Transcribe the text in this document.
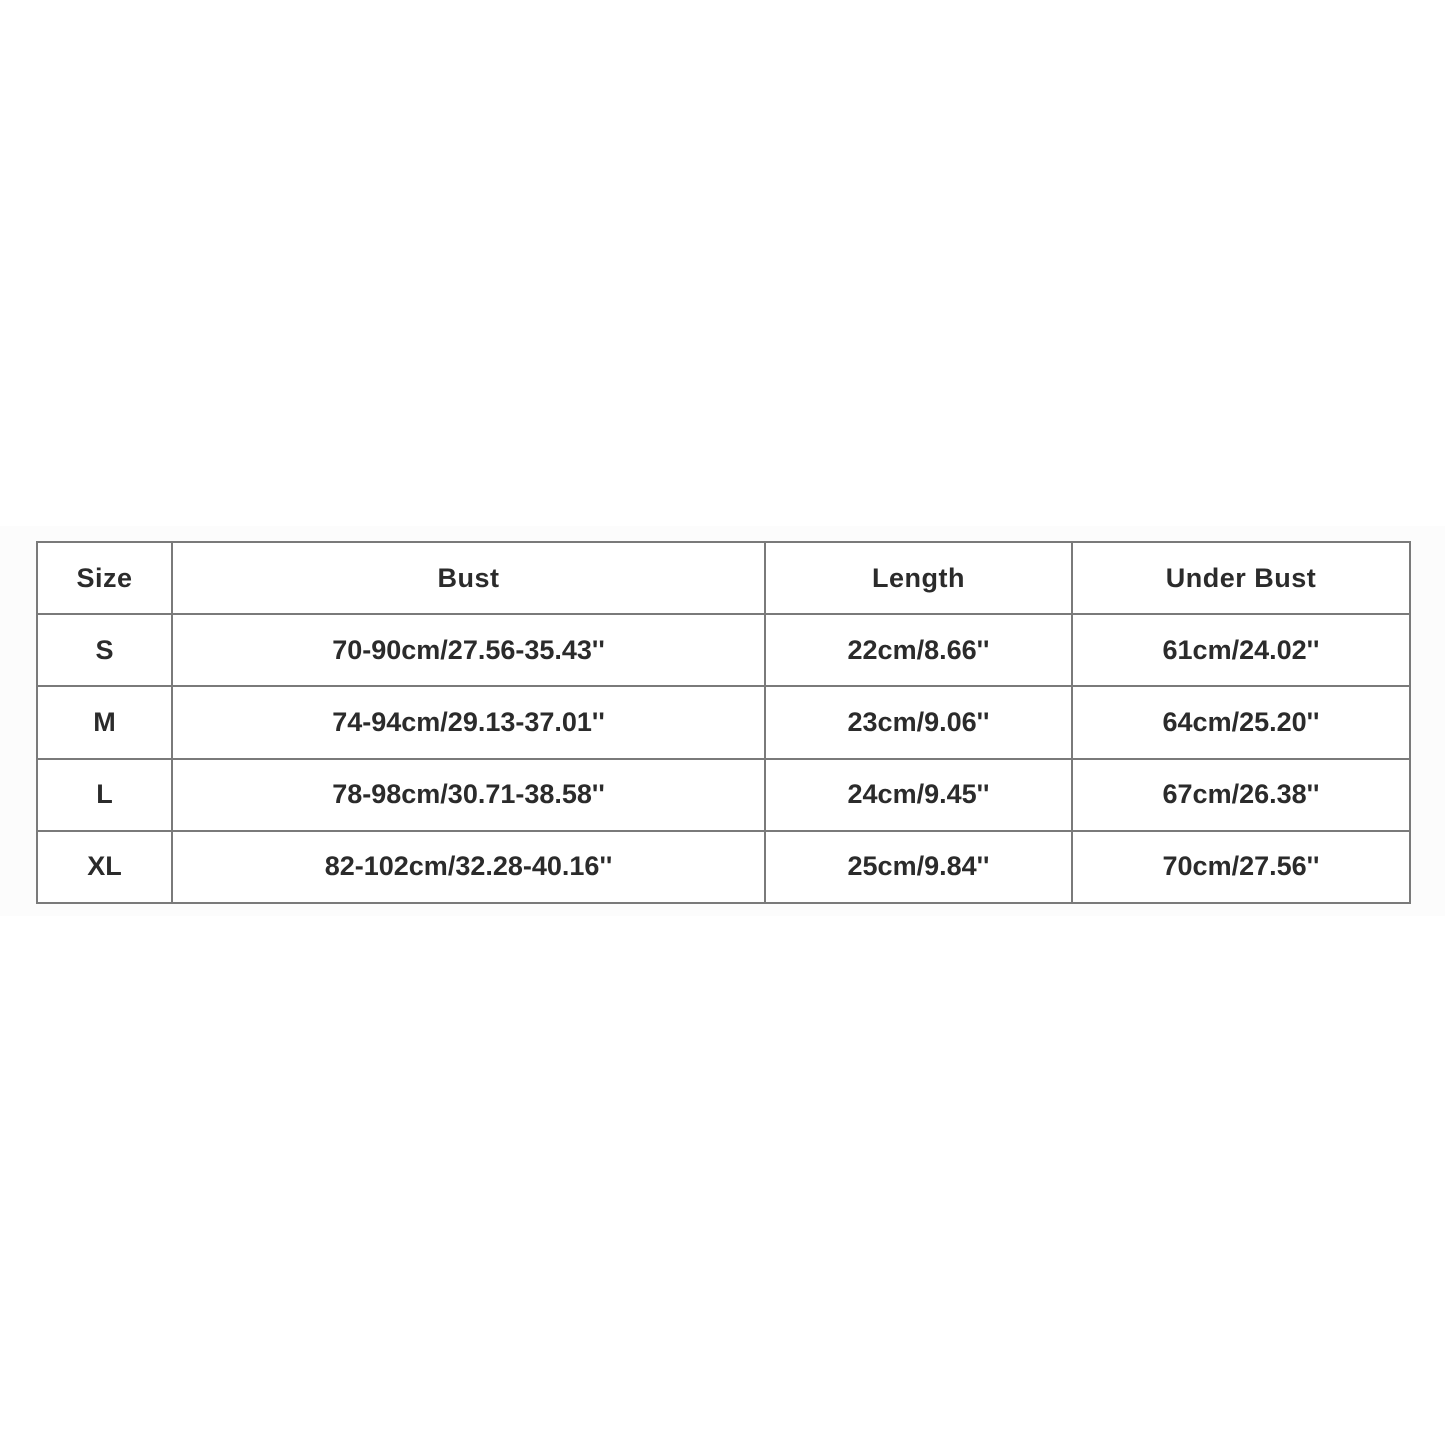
Size	Bust	Length	Under Bust
S	70-90cm/27.56-35.43''	22cm/8.66''	61cm/24.02''
M	74-94cm/29.13-37.01''	23cm/9.06''	64cm/25.20''
L	78-98cm/30.71-38.58''	24cm/9.45''	67cm/26.38''
XL	82-102cm/32.28-40.16''	25cm/9.84''	70cm/27.56''
